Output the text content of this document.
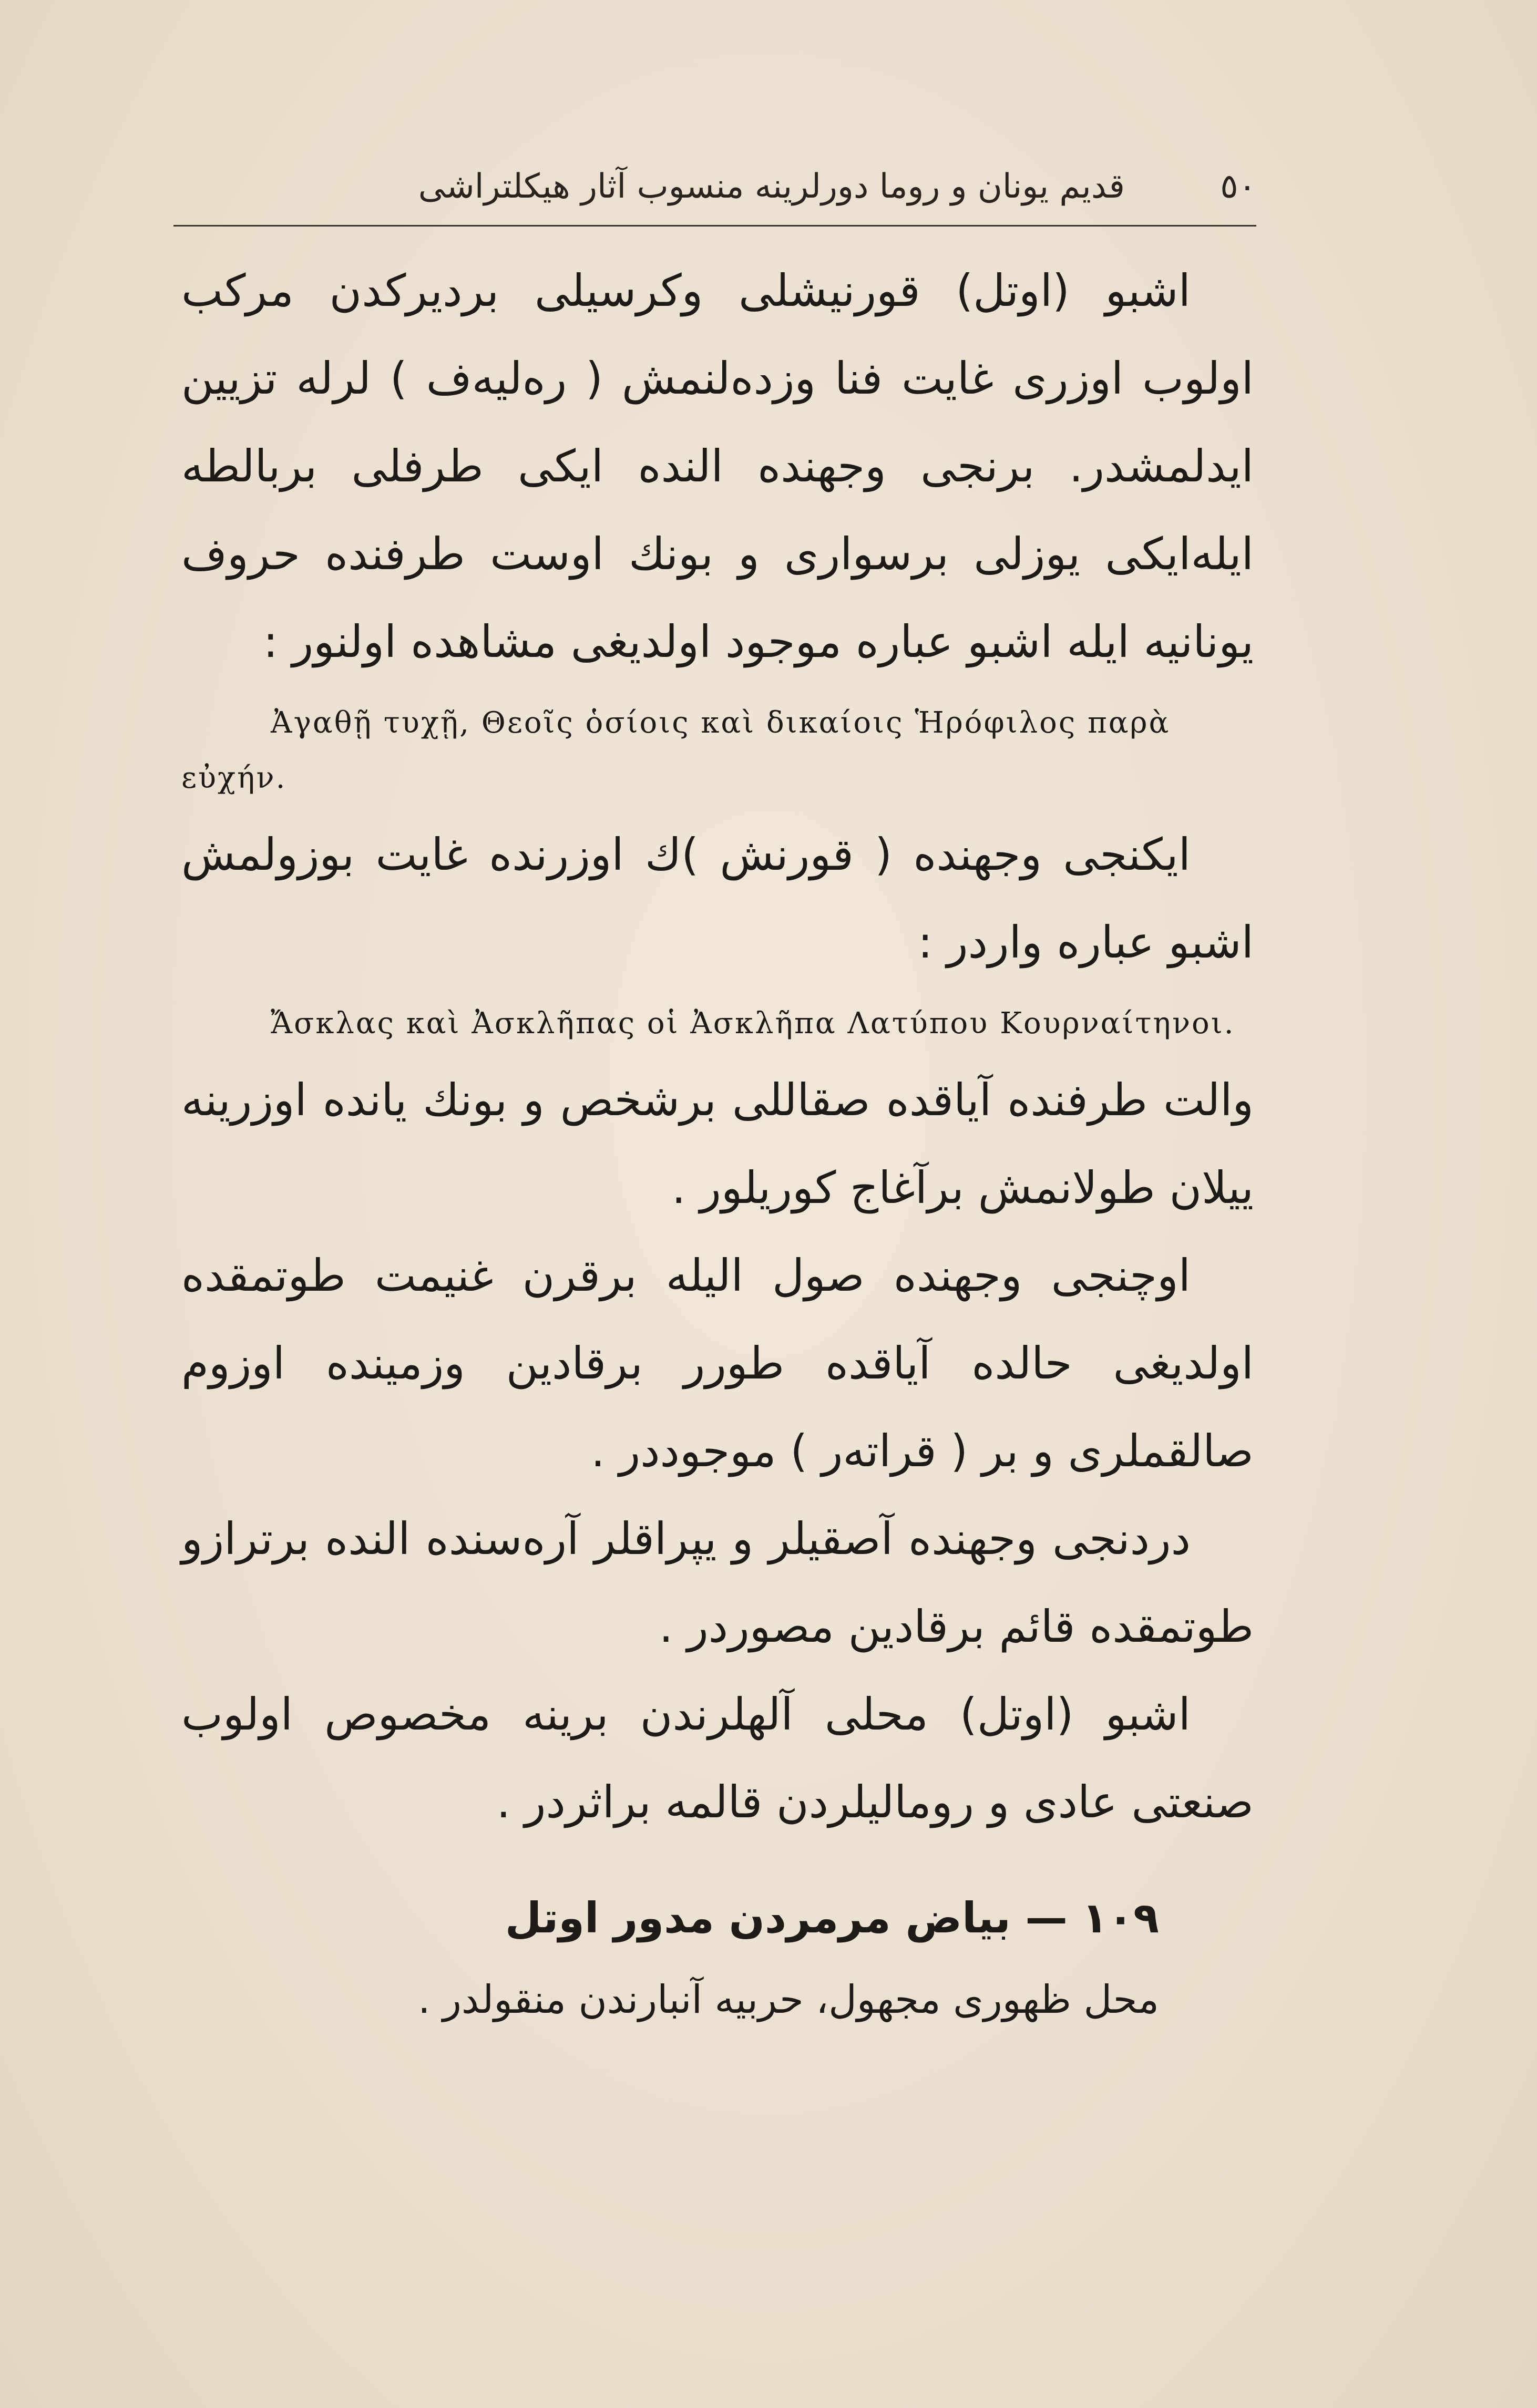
٥٠
قديم يونان و روما دورلرينه منسوب آثار هيكلتراشى

اشبو (اوتل) قورنيشلى وكرسيلى برديركدن مركب اولوب اوزرى غايت فنا وزده‌لنمش ( ره‌ليه‌ف ) لرله تزيين ايدلمشدر. برنجى وجهنده النده ايكى طرفلى بربالطه ايله‌ايكى يوزلى برسوارى و بونك اوست طرفنده حروف يونانيه ايله اشبو عباره موجود اولديغى مشاهده اولنور :

Ἀγαθῇ τυχῇ, Θεοῖς ὁσίοις καὶ δικαίοις Ἡρόφιλος παρὰ εὐχήν.

ايكنجى وجهنده ( قورنش )ك اوزرنده غايت بوزولمش اشبو عباره واردر :

Ἄσκλας καὶ Ἀσκλῆπας οἱ Ἀσκλῆπα Λατύπου Κουρναίτηνοι.

والت طرفنده آياقده صقاللى برشخص و بونك يانده اوزرينه ييلان طولانمش برآغاج كوريلور .

اوچنجى وجهنده صول اليله برقرن غنيمت طوتمقده اولديغى حالده آياقده طورر برقادين وزمينده اوزوم صالقملرى و بر ( قراته‌ر ) موجوددر .

دردنجى وجهنده آصقيلر و يپراقلر آره‌سنده النده برترازو طوتمقده قائم برقادين مصوردر .

اشبو (اوتل) محلى آلهلرندن برينه مخصوص اولوب صنعتى عادى و روماليلردن قالمه براثردر .

١٠٩ — بياض مرمردن مدور اوتل

محل ظهورى مجهول، حربيه آنبارندن منقولدر .
